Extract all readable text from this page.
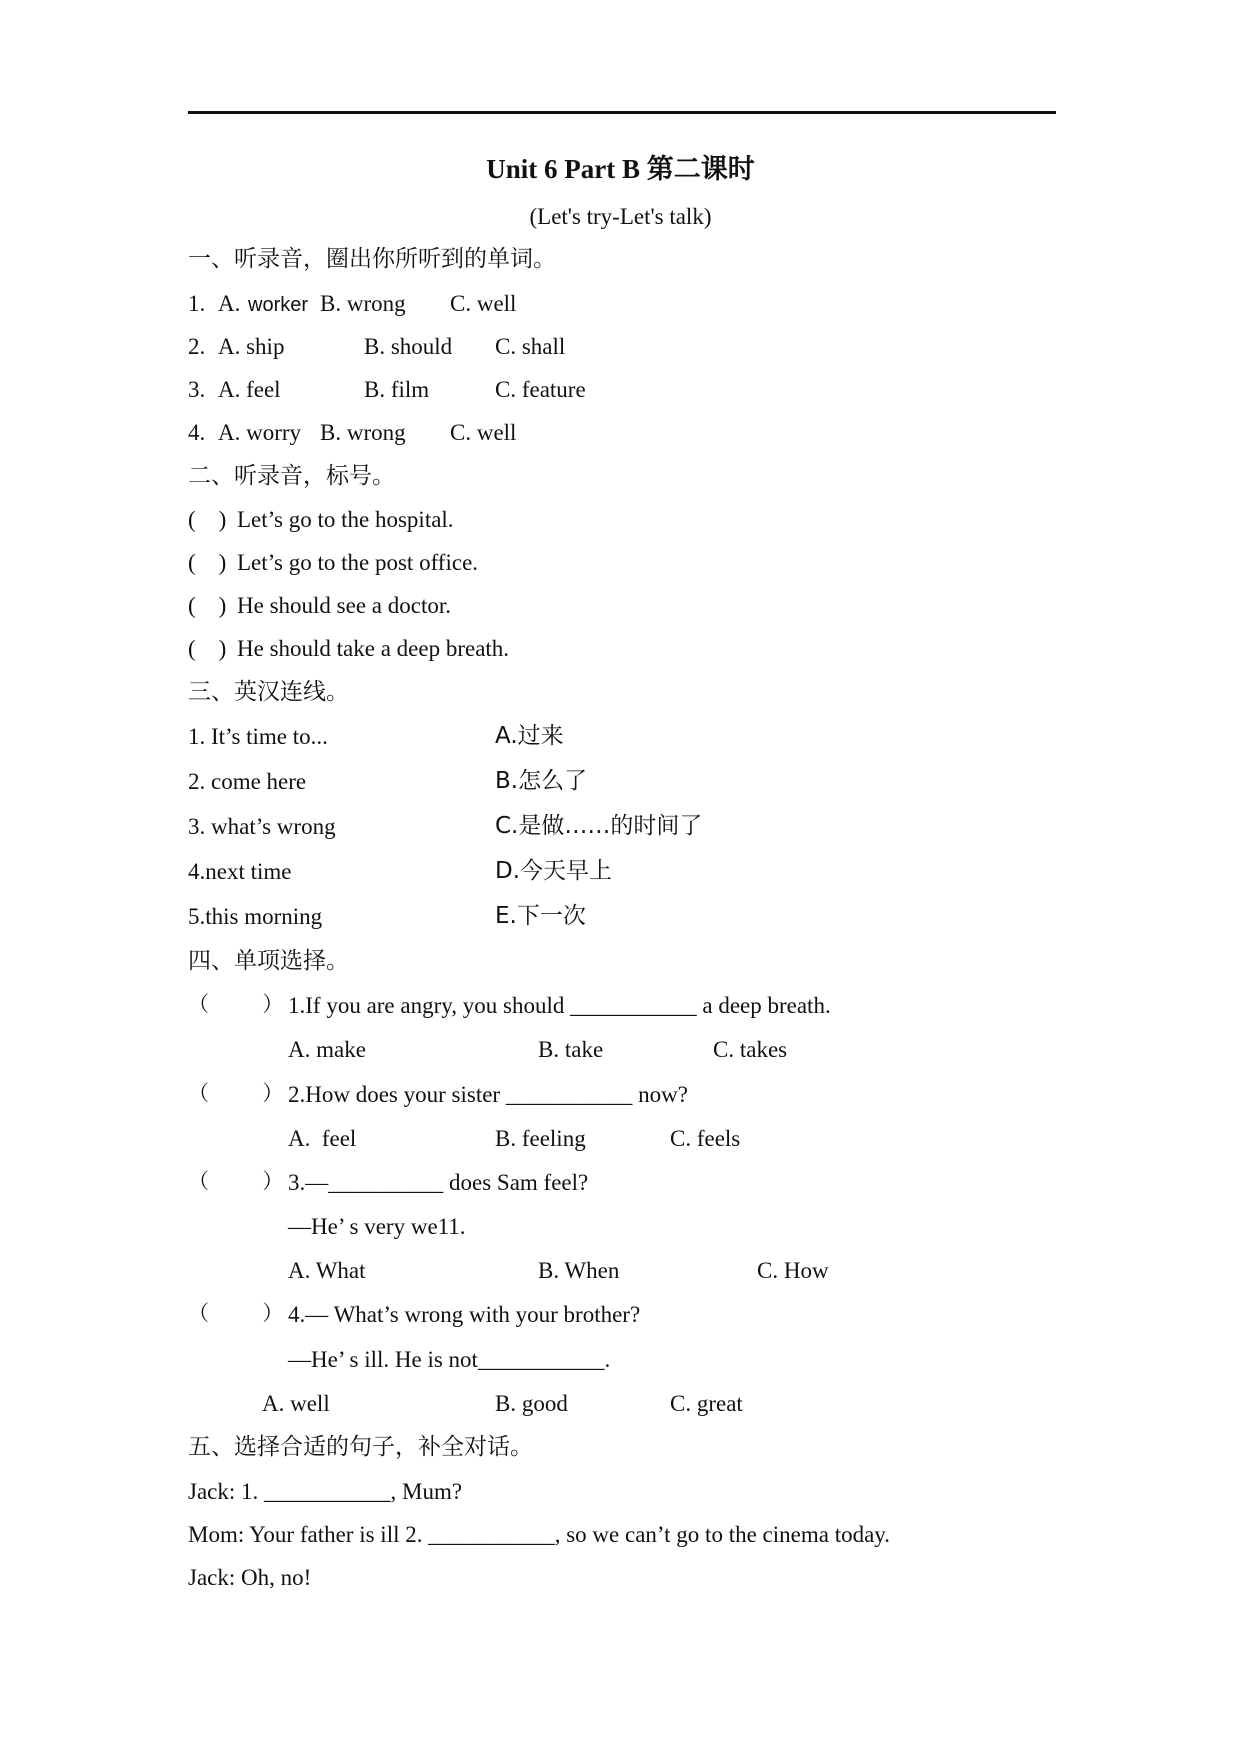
Unit 6 Part B 第二课时
(Let's try-Let's talk)
一、听录音，圈出你所听到的单词。
1. A. worker B. wrong C. well
2. A. ship	B. should C. shall
3. A. feel	B. film	C. feature
4. A. worry B. wrong C. well
二、听录音，标号。
(    ) Let’s go to the hospital.
(    ) Let’s go to the post office.
(    ) He should see a doctor.
(    ) He should take a deep breath.
三、英汉连线。
1. It’s time to...	A.过来
2. come here	B.怎么了
3. what’s wrong	C.是做……的时间了
4.next time	D.今天早上
5.this morning	E.下一次
四、单项选择。
（        ） 1.If you are angry, you should ___________ a deep breath.
A. make	B. take	C. takes
（        ） 2.How does your sister ___________ now?
A.  feel	B. feeling	C. feels
（        ） 3.—__________ does Sam feel?
—He’ s very we11.
A. What	B. When	C. How
（        ） 4.— What’s wrong with your brother?
—He’ s ill. He is not___________.
A. well	B. good	C. great
五、选择合适的句子，补全对话。
Jack: 1. ___________, Mum?
Mom: Your father is ill 2. ___________, so we can’t go to the cinema today.
Jack: Oh, no!
